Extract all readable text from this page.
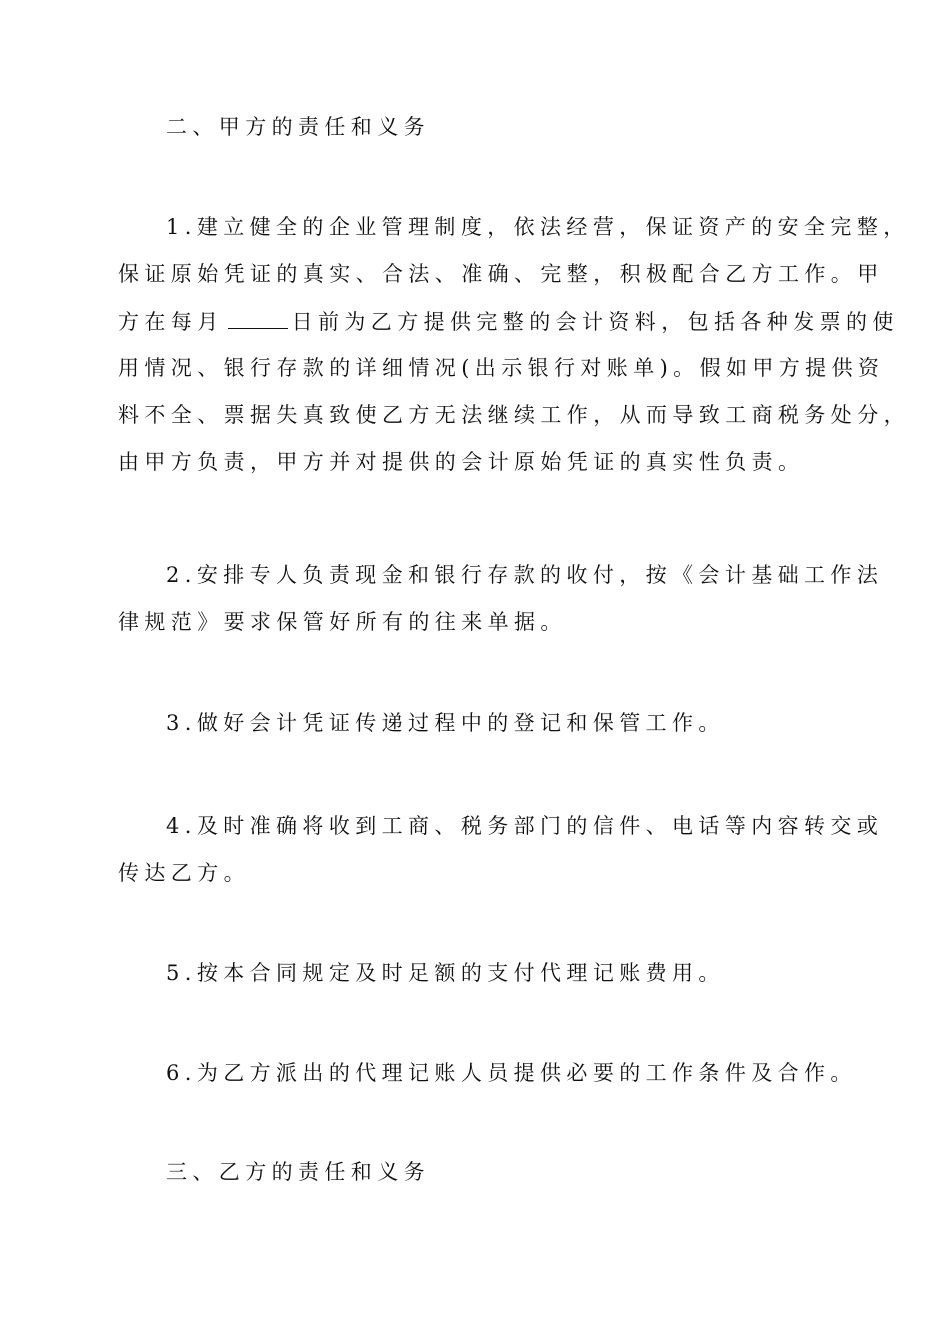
二、甲方的责任和义务
1.建立健全的企业管理制度，依法经营，保证资产的安全完整，
保证原始凭证的真实、合法、准确、完整，积极配合乙方工作。甲
方在每月	日前为乙方提供完整的会计资料，包括各种发票的使
用情况、银行存款的详细情况(出示银行对账单)。假如甲方提供资
料不全、票据失真致使乙方无法继续工作，从而导致工商税务处分，
由甲方负责，甲方并对提供的会计原始凭证的真实性负责。
2.安排专人负责现金和银行存款的收付，按《会计基础工作法
律规范》要求保管好所有的往来单据。
3.做好会计凭证传递过程中的登记和保管工作。
4.及时准确将收到工商、税务部门的信件、电话等内容转交或
传达乙方。
5.按本合同规定及时足额的支付代理记账费用。
6.为乙方派出的代理记账人员提供必要的工作条件及合作。
三、乙方的责任和义务
